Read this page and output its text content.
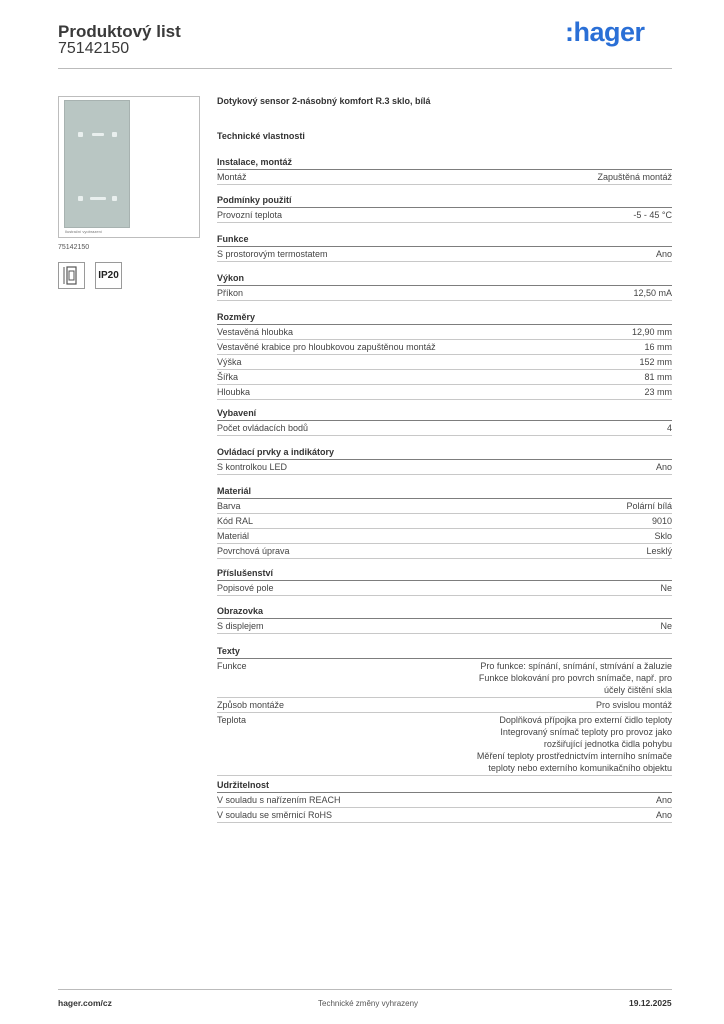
Produktový list
75142150
:hager
Ilustrační vyobrazení
75142150
IP20
Dotykový sensor 2-násobný komfort R.3 sklo, bílá
Technické vlastnosti
Instalace, montáž
Montáž	Zapuštěná montáž
Podmínky použití
Provozní teplota	-5 - 45 °C
Funkce
S prostorovým termostatem	Ano
Výkon
Příkon	12,50 mA
Rozměry
Vestavěná hloubka	12,90 mm
Vestavěné krabice pro hloubkovou zapuštěnou montáž	16 mm
Výška	152 mm
Šířka	81 mm
Hloubka	23 mm
Vybavení
Počet ovládacích bodů	4
Ovládací prvky a indikátory
S kontrolkou LED	Ano
Materiál
Barva	Polární bílá
Kód RAL	9010
Materiál	Sklo
Povrchová úprava	Lesklý
Příslušenství
Popisové pole	Ne
Obrazovka
S displejem	Ne
Texty
Funkce	Pro funkce: spínání, snímání, stmívání a žaluzie
Funkce blokování pro povrch snímače, např. pro
účely čištění skla
Způsob montáže	Pro svislou montáž
Teplota	Doplňková přípojka pro externí čidlo teploty
Integrovaný snímač teploty pro provoz jako
rozšiřující jednotka čidla pohybu
Měření teploty prostřednictvím interního snímače
teploty nebo externího komunikačního objektu
Udržitelnost
V souladu s nařízením REACH	Ano
V souladu se směrnicí RoHS	Ano
hager.com/cz	Technické změny vyhrazeny	19.12.2025
